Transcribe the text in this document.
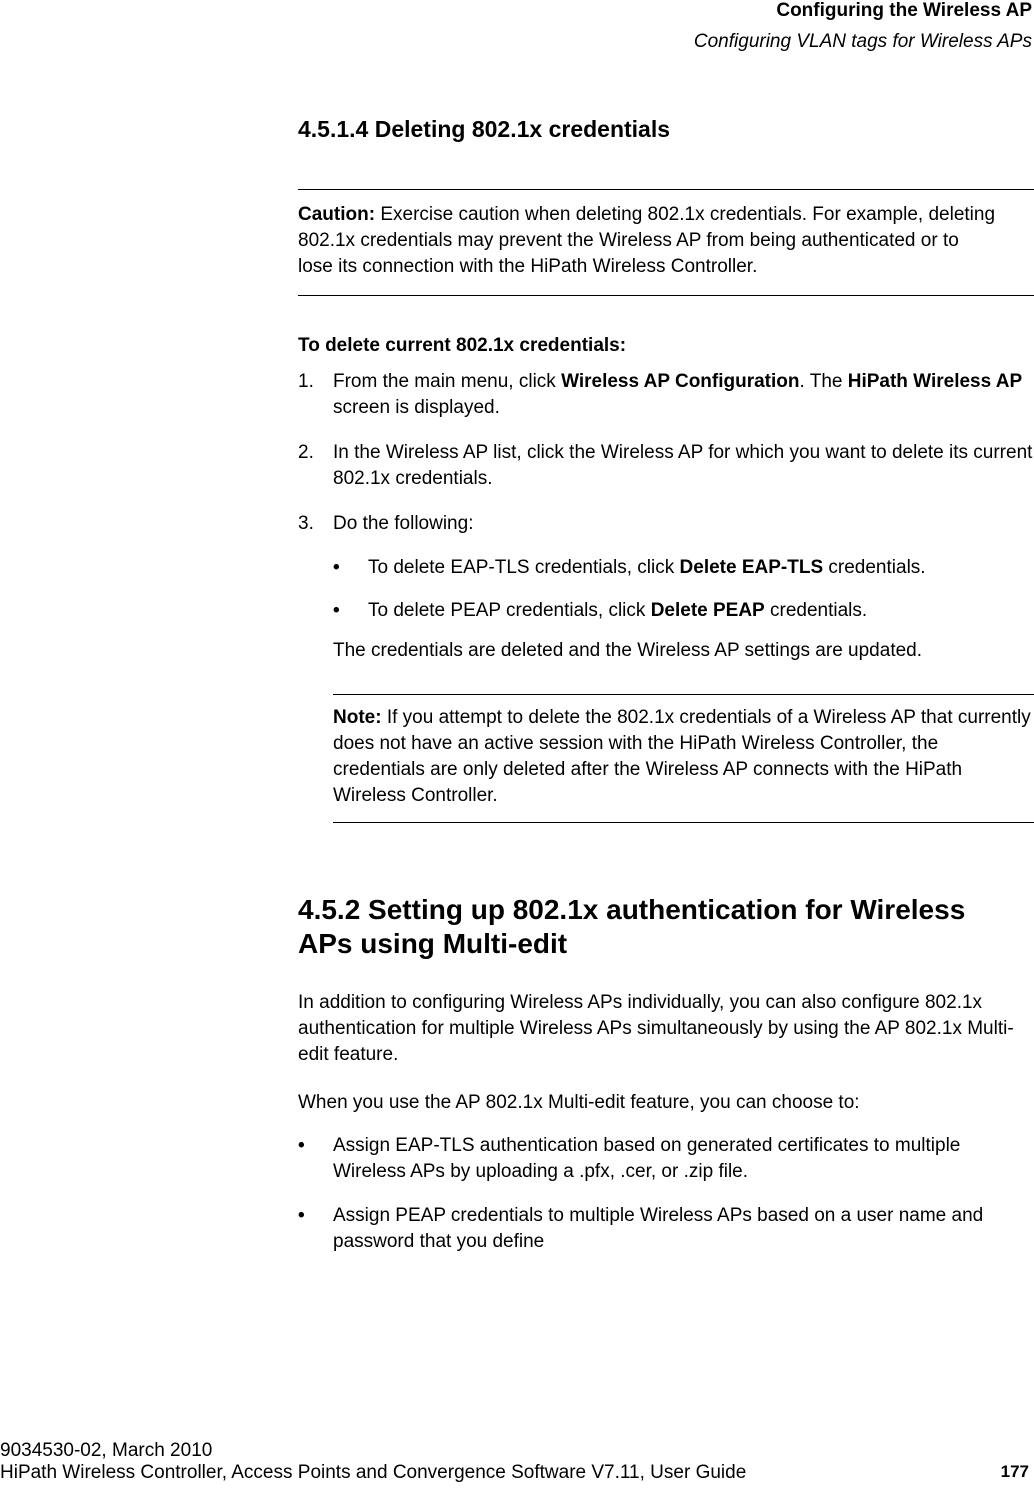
Configuring the Wireless AP
Configuring VLAN tags for Wireless APs
4.5.1.4 Deleting 802.1x credentials
Caution: Exercise caution when deleting 802.1x credentials. For example, deleting 802.1x credentials may prevent the Wireless AP from being authenticated or to lose its connection with the HiPath Wireless Controller.
To delete current 802.1x credentials:
1.	From the main menu, click Wireless AP Configuration. The HiPath Wireless AP screen is displayed.
2.	In the Wireless AP list, click the Wireless AP for which you want to delete its current 802.1x credentials.
3.	Do the following:
• To delete EAP-TLS credentials, click Delete EAP-TLS credentials.
• To delete PEAP credentials, click Delete PEAP credentials.
The credentials are deleted and the Wireless AP settings are updated.
Note: If you attempt to delete the 802.1x credentials of a Wireless AP that currently does not have an active session with the HiPath Wireless Controller, the credentials are only deleted after the Wireless AP connects with the HiPath Wireless Controller.
4.5.2 Setting up 802.1x authentication for Wireless APs using Multi-edit
In addition to configuring Wireless APs individually, you can also configure 802.1x authentication for multiple Wireless APs simultaneously by using the AP 802.1x Multi-edit feature.
When you use the AP 802.1x Multi-edit feature, you can choose to:
• Assign EAP-TLS authentication based on generated certificates to multiple Wireless APs by uploading a .pfx, .cer, or .zip file.
• Assign PEAP credentials to multiple Wireless APs based on a user name and password that you define
9034530-02, March 2010
HiPath Wireless Controller, Access Points and Convergence Software V7.11, User Guide	177
